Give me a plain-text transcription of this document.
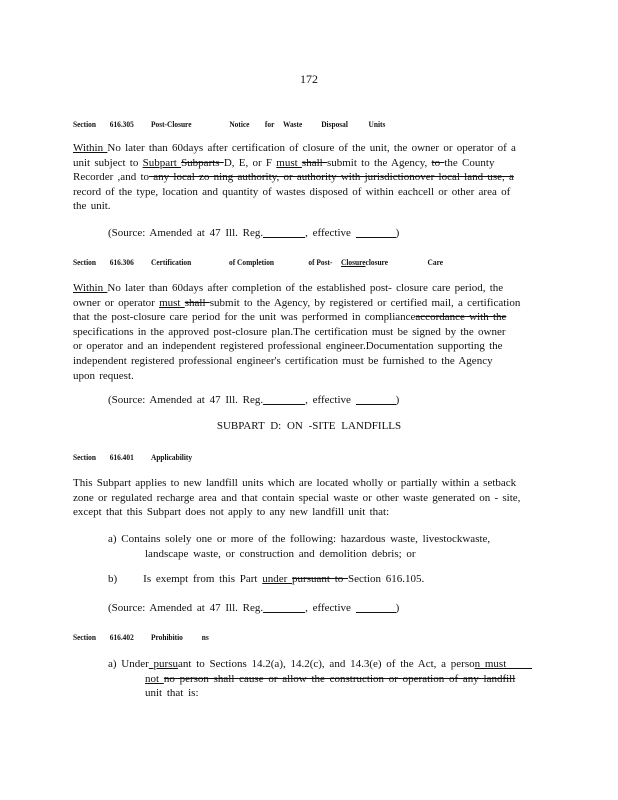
172
Section 616.305 Post-Closure	Notice for Waste Disposal Units
Within No later than 60days after certification of closure of the unit, the owner or operator of a
unit subject to Subpart Subparts D, E, or F must shall submit to the Agency, to the County
Recorder ,and to any local zo ning authority, or authority with jurisdictionover local land use, a
record of the type, location and quantity of wastes disposed of within eachcell or other area of
the unit.
(Source: Amended at 47 Ill. Reg.	, effective	)
Section 616.306 Certification	of Completion	of Post- Closureclosure	Care
Within No later than 60days after completion of the established post- closure care period, the
owner or operator must shall submit to the Agency, by registered or certified mail, a certification
that the post-closure care period for the unit was performed in complianceaccordance with the
specifications in the approved post-closure plan.The certification must be signed by the owner
or operator and an independent registered professional engineer.Documentation supporting the
independent registered professional engineer's certification must be furnished to the Agency
upon request.
(Source: Amended at 47 Ill. Reg.	, effective	)
SUBPART D: ON -SITE LANDFILLS
Section 616.401 Applicability
This Subpart applies to new landfill units which are located wholly or partially within a setback
zone or regulated recharge area and that contain special waste or other waste generated on - site,
except that this Subpart does not apply to any new landfill unit that:
a) Contains solely one or more of the following: hazardous waste, livestockwaste,
landscape waste, or construction and demolition debris; or
b) Is exempt from this Part under pursuant to Section 616.105.
(Source: Amended at 47 Ill. Reg.	, effective	)
Section 616.402 Prohibitio ns
a) Under pursuant to Sections 14.2(a), 14.2(c), and 14.3(e) of the Act, a person must
not no person shall cause or allow the construction or operation of any landfill
unit that is:
